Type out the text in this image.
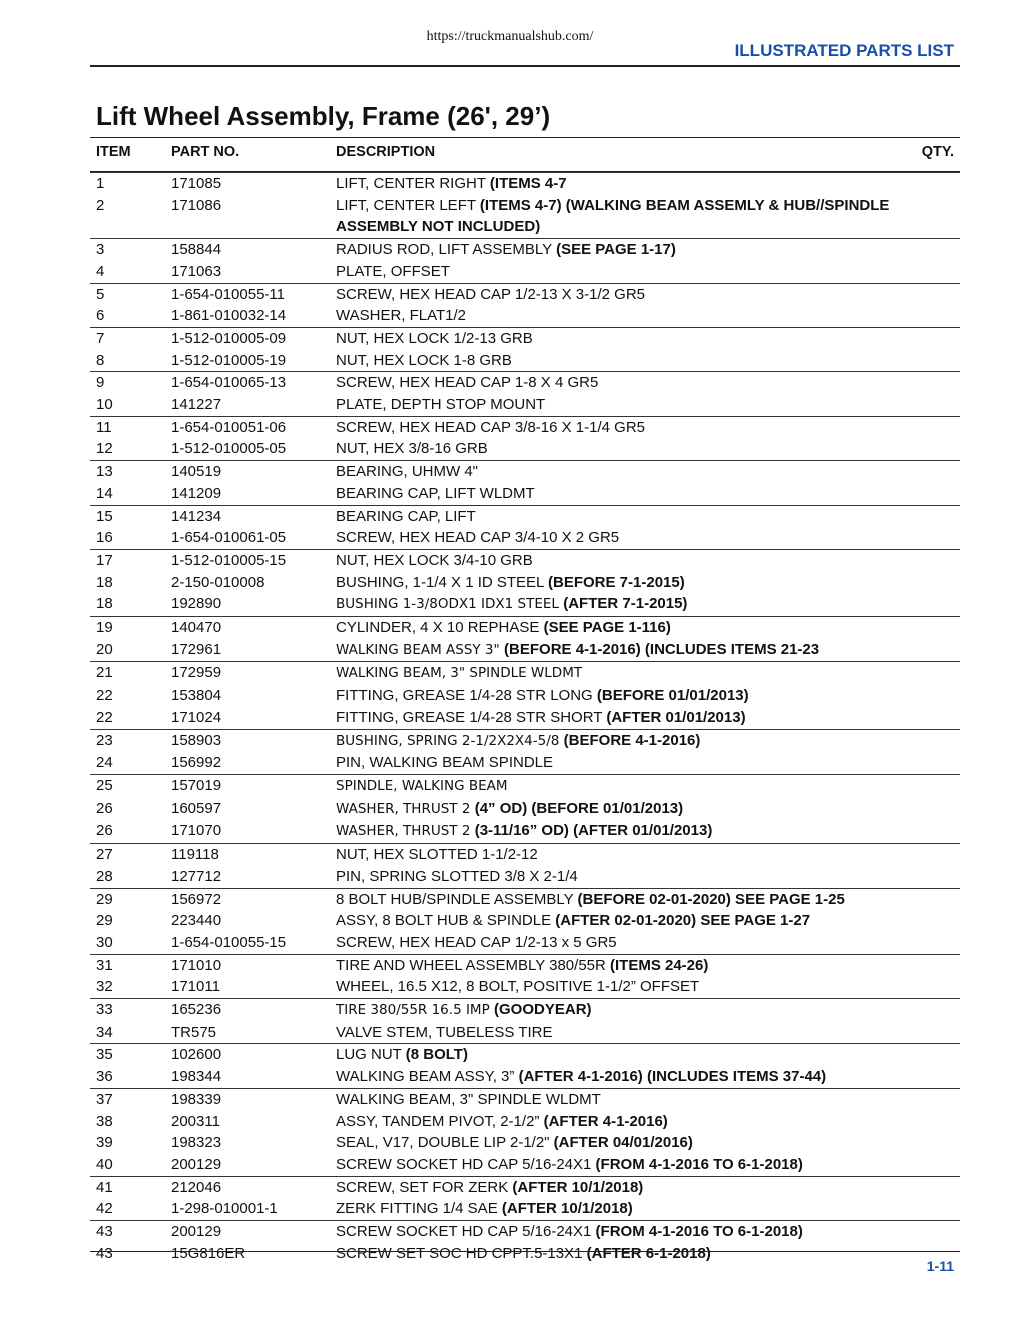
https://truckmanualshub.com/
ILLUSTRATED PARTS LIST
Lift Wheel Assembly, Frame (26', 29’)
ITEM	PART NO.	DESCRIPTION	QTY.
1	171085	LIFT, CENTER RIGHT (ITEMS 4-7
2	171086	LIFT, CENTER LEFT (ITEMS 4-7) (WALKING BEAM ASSEMLY & HUB//SPINDLE ASSEMBLY NOT INCLUDED)
3	158844	RADIUS ROD, LIFT ASSEMBLY (SEE PAGE 1-17)
4	171063	PLATE, OFFSET
5	1-654-010055-11	SCREW, HEX HEAD CAP 1/2-13 X 3-1/2 GR5
6	1-861-010032-14	WASHER, FLAT1/2
7	1-512-010005-09	NUT, HEX LOCK 1/2-13 GRB
8	1-512-010005-19	NUT, HEX LOCK 1-8 GRB
9	1-654-010065-13	SCREW, HEX HEAD CAP 1-8 X 4 GR5
10	141227	PLATE, DEPTH STOP MOUNT
11	1-654-010051-06	SCREW, HEX HEAD CAP 3/8-16 X 1-1/4 GR5
12	1-512-010005-05	NUT, HEX 3/8-16 GRB
13	140519	BEARING, UHMW 4"
14	141209	BEARING CAP, LIFT WLDMT
15	141234	BEARING CAP, LIFT
16	1-654-010061-05	SCREW, HEX HEAD CAP 3/4-10 X 2 GR5
17	1-512-010005-15	NUT, HEX LOCK 3/4-10 GRB
18	2-150-010008	BUSHING, 1-1/4 X 1 ID STEEL (BEFORE 7-1-2015)
18	192890	BUSHING 1-3/8ODX1 IDX1 STEEL (AFTER 7-1-2015)
19	140470	CYLINDER, 4 X 10 REPHASE (SEE PAGE 1-116)
20	172961	WALKING BEAM ASSY 3" (BEFORE 4-1-2016) (INCLUDES ITEMS 21-23
21	172959	WALKING BEAM, 3" SPINDLE WLDMT
22	153804	FITTING, GREASE 1/4-28 STR LONG (BEFORE 01/01/2013)
22	171024	FITTING, GREASE 1/4-28 STR SHORT (AFTER 01/01/2013)
23	158903	BUSHING, SPRING 2-1/2X2X4-5/8 (BEFORE 4-1-2016)
24	156992	PIN, WALKING BEAM SPINDLE
25	157019	SPINDLE, WALKING BEAM
26	160597	WASHER, THRUST 2 (4” OD) (BEFORE 01/01/2013)
26	171070	WASHER, THRUST 2 (3-11/16” OD) (AFTER 01/01/2013)
27	119118	NUT, HEX SLOTTED 1-1/2-12
28	127712	PIN, SPRING SLOTTED 3/8 X 2-1/4
29	156972	8 BOLT HUB/SPINDLE ASSEMBLY (BEFORE 02-01-2020) SEE PAGE 1-25
29	223440	ASSY, 8 BOLT HUB & SPINDLE (AFTER 02-01-2020) SEE PAGE 1-27
30	1-654-010055-15	SCREW, HEX HEAD CAP 1/2-13 x 5 GR5
31	171010	TIRE AND WHEEL ASSEMBLY 380/55R (ITEMS 24-26)
32	171011	WHEEL, 16.5 X12, 8 BOLT, POSITIVE 1-1/2” OFFSET
33	165236	TIRE 380/55R 16.5 IMP (GOODYEAR)
34	TR575	VALVE STEM, TUBELESS TIRE
35	102600	LUG NUT (8 BOLT)
36	198344	WALKING BEAM ASSY, 3” (AFTER 4-1-2016) (INCLUDES ITEMS 37-44)
37	198339	WALKING BEAM, 3" SPINDLE WLDMT
38	200311	ASSY, TANDEM PIVOT, 2-1/2” (AFTER 4-1-2016)
39	198323	SEAL, V17, DOUBLE LIP 2-1/2" (AFTER 04/01/2016)
40	200129	SCREW SOCKET HD CAP 5/16-24X1 (FROM 4-1-2016 TO 6-1-2018)
41	212046	SCREW, SET FOR ZERK (AFTER 10/1/2018)
42	1-298-010001-1	ZERK FITTING 1/4 SAE (AFTER 10/1/2018)
43	200129	SCREW SOCKET HD CAP 5/16-24X1 (FROM 4-1-2016 TO 6-1-2018)
43	15G816ER	SCREW SET SOC HD CPPT.5-13X1 (AFTER 6-1-2018)
1-11
